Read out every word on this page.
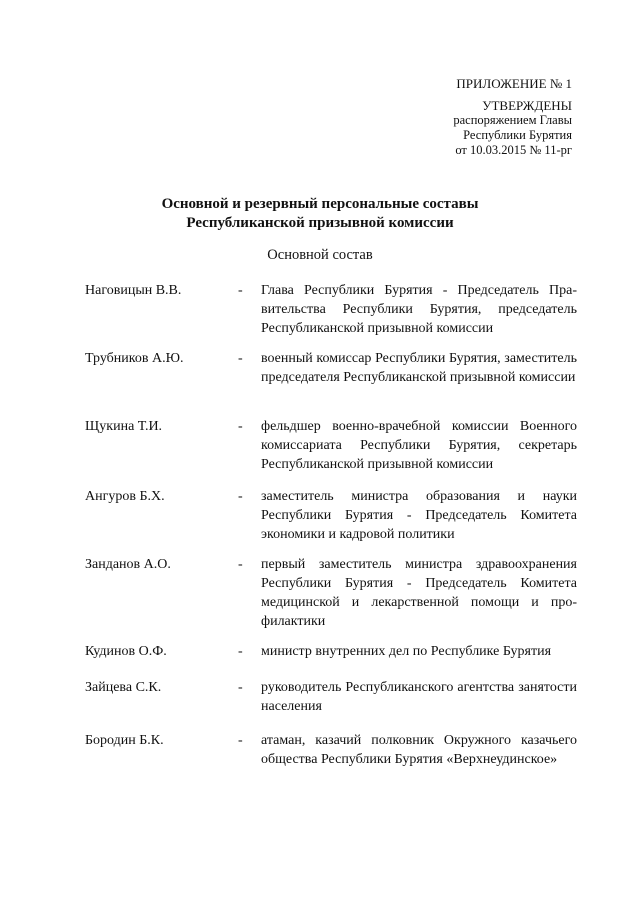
ПРИЛОЖЕНИЕ № 1
УТВЕРЖДЕНЫ
распоряжением Главы
Республики Бурятия
от 10.03.2015 № 11-рг
Основной и резервный персональные составы
Республиканской призывной комиссии
Основной состав
Наговицын В.В.	- Глава Республики Бурятия - Председатель Правительства Республики Бурятия, председатель Республиканской призывной комиссии
Трубников А.Ю.	- военный комиссар Республики Бурятия, заместитель председателя Республиканской призывной комиссии
Щукина Т.И.	- фельдшер военно-врачебной комиссии Военного комиссариата Республики Бурятия, секретарь Республиканской призывной комиссии
Ангуров Б.Х.	- заместитель министра образования и науки Республики Бурятия - Председатель Комитета экономики и кадровой политики
Занданов А.О.	- первый заместитель министра здравоохранения Республики Бурятия - Председатель Комитета медицинской и лекарственной помощи и профилактики
Кудинов О.Ф.	- министр внутренних дел по Республике Бурятия
Зайцева С.К.	- руководитель Республиканского агентства занятости населения
Бородин Б.К.	- атаман, казачий полковник Окружного казачьего общества Республики Бурятия «Верхнеудинское»
